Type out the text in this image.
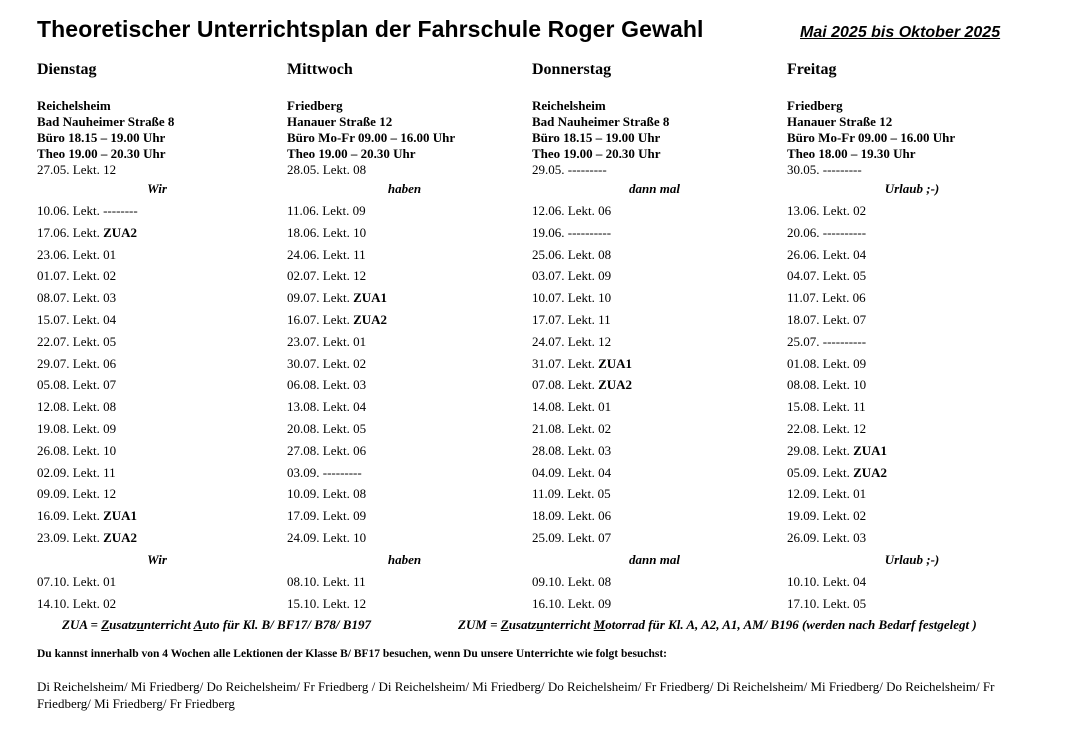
Theoretischer Unterrichtsplan der Fahrschule Roger Gewahl	Mai 2025 bis Oktober 2025
Dienstag
Reichelsheim
Bad Nauheimer Straße 8
Büro 18.15 – 19.00 Uhr
Theo 19.00 – 20.30 Uhr
27.05. Lekt. 12
Wir
10.06. Lekt. --------
17.06. Lekt. ZUA2
23.06. Lekt. 01
01.07. Lekt. 02
08.07. Lekt. 03
15.07. Lekt. 04
22.07. Lekt. 05
29.07. Lekt. 06
05.08. Lekt. 07
12.08. Lekt. 08
19.08. Lekt. 09
26.08. Lekt. 10
02.09. Lekt. 11
09.09. Lekt. 12
16.09. Lekt. ZUA1
23.09. Lekt. ZUA2
Wir
07.10. Lekt. 01
14.10. Lekt. 02
Mittwoch
Friedberg
Hanauer Straße 12
Büro Mo-Fr 09.00 – 16.00 Uhr
Theo 19.00 – 20.30 Uhr
28.05. Lekt. 08
haben
11.06. Lekt. 09
18.06. Lekt. 10
24.06. Lekt. 11
02.07. Lekt. 12
09.07. Lekt. ZUA1
16.07. Lekt. ZUA2
23.07. Lekt. 01
30.07. Lekt. 02
06.08. Lekt. 03
13.08. Lekt. 04
20.08. Lekt. 05
27.08. Lekt. 06
03.09. ---------
10.09. Lekt. 08
17.09. Lekt. 09
24.09. Lekt. 10
haben
08.10. Lekt. 11
15.10. Lekt. 12
Donnerstag
Reichelsheim
Bad Nauheimer Straße 8
Büro 18.15 – 19.00 Uhr
Theo 19.00 – 20.30 Uhr
29.05. ---------
dann mal
12.06. Lekt. 06
19.06. ----------
25.06. Lekt. 08
03.07. Lekt. 09
10.07. Lekt. 10
17.07. Lekt. 11
24.07. Lekt. 12
31.07. Lekt. ZUA1
07.08. Lekt. ZUA2
14.08. Lekt. 01
21.08. Lekt. 02
28.08. Lekt. 03
04.09. Lekt. 04
11.09. Lekt. 05
18.09. Lekt. 06
25.09. Lekt. 07
dann mal
09.10. Lekt. 08
16.10. Lekt. 09
Freitag
Friedberg
Hanauer Straße 12
Büro Mo-Fr 09.00 – 16.00 Uhr
Theo 18.00 – 19.30 Uhr
30.05. ---------
Urlaub ;-)
13.06. Lekt. 02
20.06. ----------
26.06. Lekt. 04
04.07. Lekt. 05
11.07. Lekt. 06
18.07. Lekt. 07
25.07. ----------
01.08. Lekt. 09
08.08. Lekt. 10
15.08. Lekt. 11
22.08. Lekt. 12
29.08. Lekt. ZUA1
05.09. Lekt. ZUA2
12.09. Lekt. 01
19.09. Lekt. 02
26.09. Lekt. 03
Urlaub ;-)
10.10. Lekt. 04
17.10. Lekt. 05
ZUA = Zusatzunterricht Auto für Kl. B/ BF17/ B78/ B197	ZUM = Zusatzunterricht Motorrad für Kl. A, A2, A1, AM/ B196 (werden nach Bedarf festgelegt )
Du kannst innerhalb von 4 Wochen alle Lektionen der Klasse B/ BF17 besuchen, wenn Du unsere Unterrichte wie folgt besuchst:
Di Reichelsheim/ Mi Friedberg/ Do Reichelsheim/ Fr Friedberg / Di Reichelsheim/ Mi Friedberg/ Do Reichelsheim/ Fr Friedberg/ Di Reichelsheim/ Mi Friedberg/ Do Reichelsheim/ Fr Friedberg/ Mi Friedberg/ Fr Friedberg
